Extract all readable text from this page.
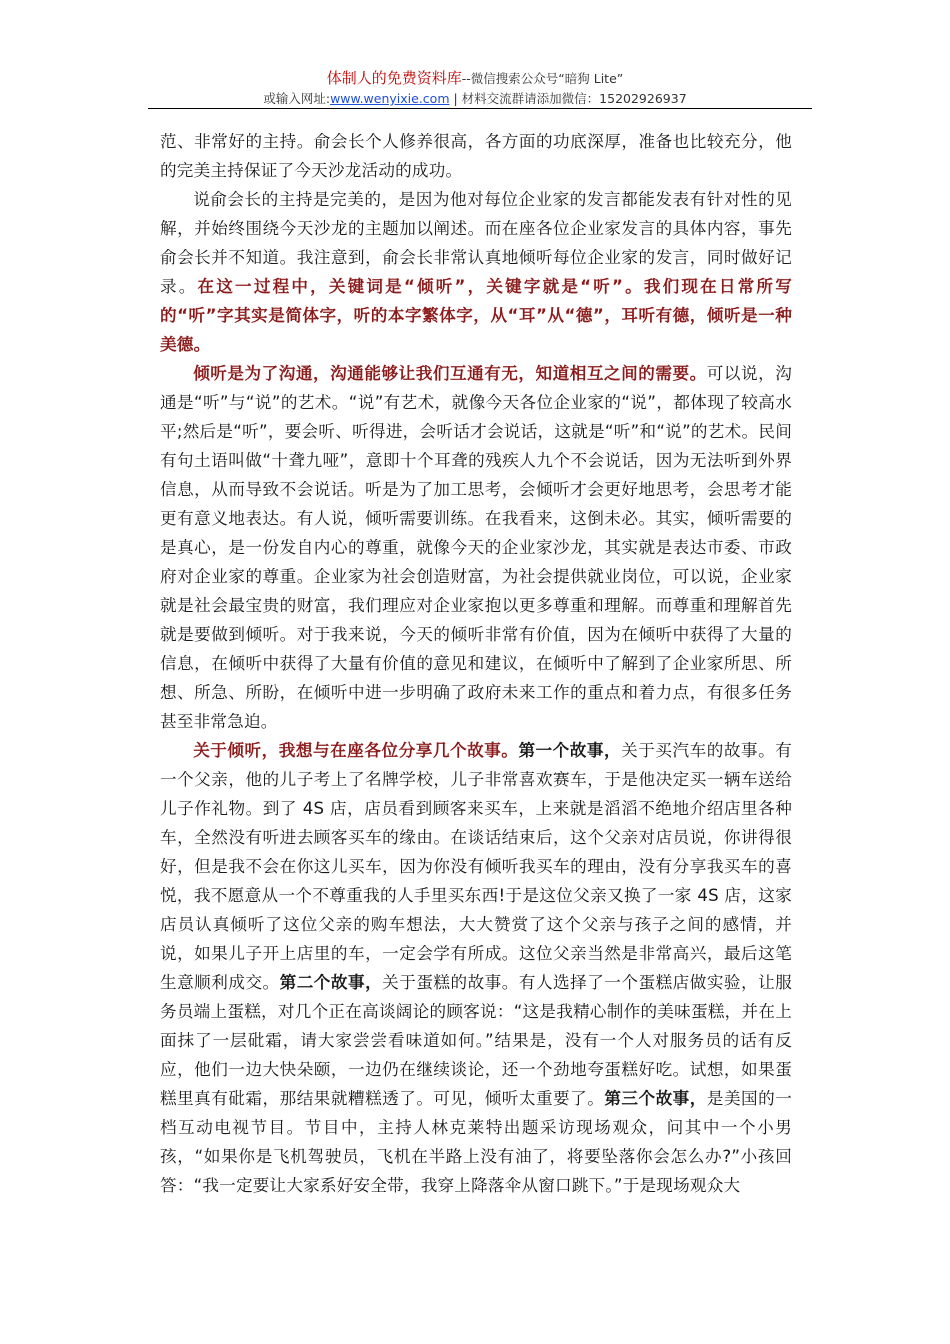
体制人的免费资料库--微信搜索公众号“暗狗 Lite”
或输入网址:www.wenyixie.com | 材料交流群请添加微信：15202926937

范、非常好的主持。俞会长个人修养很高，各方面的功底深厚，准备也比较充分，他的完美主持保证了今天沙龙活动的成功。

说俞会长的主持是完美的，是因为他对每位企业家的发言都能发表有针对性的见解，并始终围绕今天沙龙的主题加以阐述。而在座各位企业家发言的具体内容，事先俞会长并不知道。我注意到，俞会长非常认真地倾听每位企业家的发言，同时做好记录。在这一过程中，关键词是“倾听”，关键字就是“听”。我们现在日常所写的“听”字其实是简体字，听的本字繁体字，从“耳”从“德”，耳听有德，倾听是一种美德。

倾听是为了沟通，沟通能够让我们互通有无，知道相互之间的需要。可以说，沟通是“听”与“说”的艺术。“说”有艺术，就像今天各位企业家的“说”，都体现了较高水平;然后是“听”，要会听、听得进，会听话才会说话，这就是“听”和“说”的艺术。民间有句土语叫做“十聋九哑”，意即十个耳聋的残疾人九个不会说话，因为无法听到外界信息，从而导致不会说话。听是为了加工思考，会倾听才会更好地思考，会思考才能更有意义地表达。有人说，倾听需要训练。在我看来，这倒未必。其实，倾听需要的是真心，是一份发自内心的尊重，就像今天的企业家沙龙，其实就是表达市委、市政府对企业家的尊重。企业家为社会创造财富，为社会提供就业岗位，可以说，企业家就是社会最宝贵的财富，我们理应对企业家抱以更多尊重和理解。而尊重和理解首先就是要做到倾听。对于我来说，今天的倾听非常有价值，因为在倾听中获得了大量的信息，在倾听中获得了大量有价值的意见和建议，在倾听中了解到了企业家所思、所想、所急、所盼，在倾听中进一步明确了政府未来工作的重点和着力点，有很多任务甚至非常急迫。

关于倾听，我想与在座各位分享几个故事。第一个故事，关于买汽车的故事。有一个父亲，他的儿子考上了名牌学校，儿子非常喜欢赛车，于是他决定买一辆车送给儿子作礼物。到了 4S 店，店员看到顾客来买车，上来就是滔滔不绝地介绍店里各种车，全然没有听进去顾客买车的缘由。在谈话结束后，这个父亲对店员说，你讲得很好，但是我不会在你这儿买车，因为你没有倾听我买车的理由，没有分享我买车的喜悦，我不愿意从一个不尊重我的人手里买东西!于是这位父亲又换了一家 4S 店，这家店员认真倾听了这位父亲的购车想法，大大赞赏了这个父亲与孩子之间的感情，并说，如果儿子开上店里的车，一定会学有所成。这位父亲当然是非常高兴，最后这笔生意顺利成交。第二个故事，关于蛋糕的故事。有人选择了一个蛋糕店做实验，让服务员端上蛋糕，对几个正在高谈阔论的顾客说：“这是我精心制作的美味蛋糕，并在上面抹了一层砒霜，请大家尝尝看味道如何。”结果是，没有一个人对服务员的话有反应，他们一边大快朵颐，一边仍在继续谈论，还一个劲地夸蛋糕好吃。试想，如果蛋糕里真有砒霜，那结果就糟糕透了。可见，倾听太重要了。第三个故事，是美国的一档互动电视节目。节目中，主持人林克莱特出题采访现场观众，问其中一个小男孩，“如果你是飞机驾驶员，飞机在半路上没有油了，将要坠落你会怎么办?”小孩回答：“我一定要让大家系好安全带，我穿上降落伞从窗口跳下。”于是现场观众大
